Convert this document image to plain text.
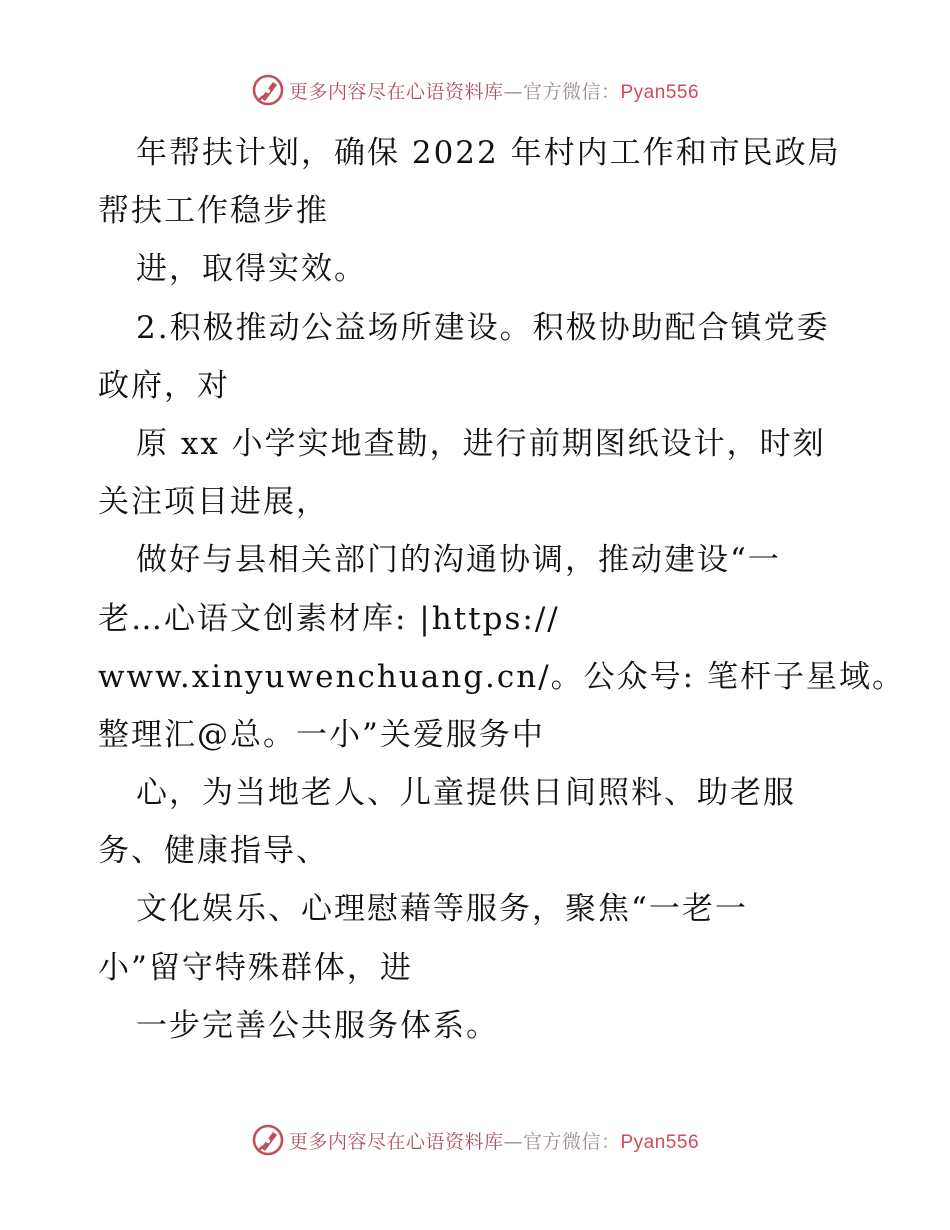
更多内容尽在心语资料库—官方微信：Pyan556
年帮扶计划，确保 2022 年村内工作和市民政局
帮扶工作稳步推
进，取得实效。
2.积极推动公益场所建设。积极协助配合镇党委
政府，对
原 xx 小学实地查勘，进行前期图纸设计，时刻
关注项目进展，
做好与县相关部门的沟通协调，推动建设“一
老…心语文创素材库: |https://
www.xinyuwenchuang.cn/。公众号: 笔杆子星域。
整理汇@总。一小”关爱服务中
心，为当地老人、儿童提供日间照料、助老服
务、健康指导、
文化娱乐、心理慰藉等服务，聚焦“一老一
小”留守特殊群体，进
一步完善公共服务体系。
更多内容尽在心语资料库—官方微信：Pyan556
